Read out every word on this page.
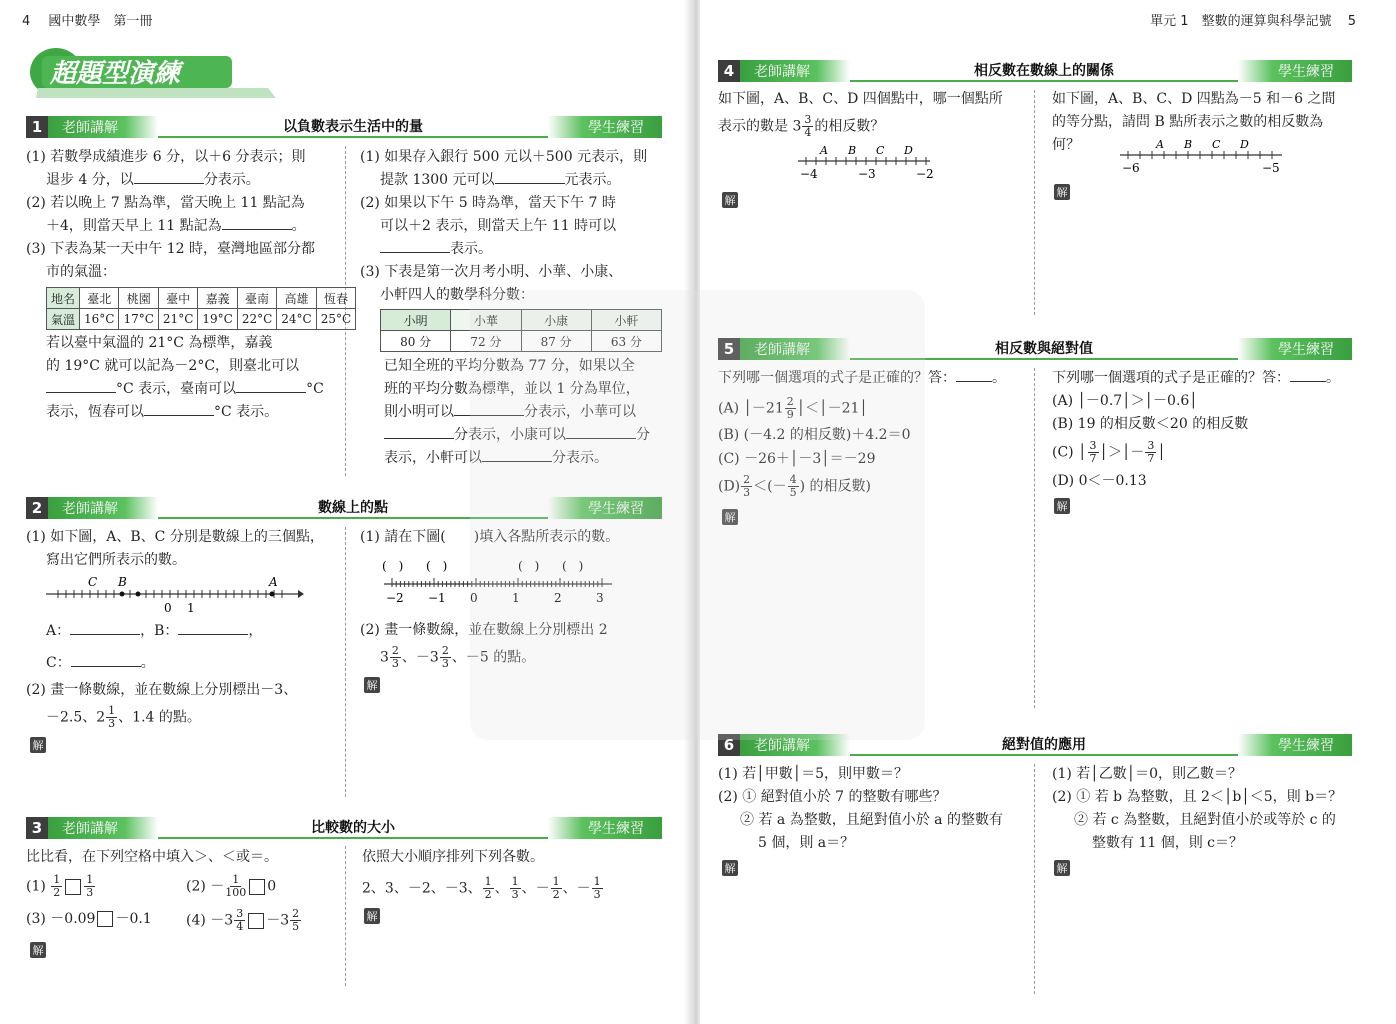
4 國中數學　第一冊
超題型演練
1	老師講解	以負數表示生活中的量	學生練習
(1) 若數學成績進步 6 分，以＋6 分表示；則
退步 4 分，以	分表示。
(2) 若以晚上 7 點為準，當天晚上 11 點記為
＋4，則當天早上 11 點記為	。
(3) 下表為某一天中午 12 時，臺灣地區部分都
市的氣溫：
地名	臺北	桃園	臺中	嘉義	臺南	高雄	恆春
氣溫	16°C	17°C	21°C	19°C	22°C	24°C	25°C
若以臺中氣溫的 21°C 為標準，嘉義
的 19°C 就可以記為－2°C，則臺北可以
°C 表示，臺南可以	°C
表示，恆春可以	°C 表示。
(1) 如果存入銀行 500 元以＋500 元表示，則
提款 1300 元可以	元表示。
(2) 如果以下午 5 時為準，當天下午 7 時
可以＋2 表示，則當天上午 11 時可以
表示。
(3) 下表是第一次月考小明、小華、小康、
小軒四人的數學科分數：
小明	小華	小康	小軒
80 分	72 分	87 分	63 分
已知全班的平均分數為 77 分，如果以全
班的平均分數為標準，並以 1 分為單位，
則小明可以	分表示，小華可以
分表示，小康可以	分
表示，小軒可以	分表示。
2	老師講解	數線上的點	學生練習
(1) 如下圖，A、B、C 分別是數線上的三個點，
寫出它們所表示的數。
C B	A
0 1
A：	，B：	，
C：	。
(2) 畫一條數線，並在數線上分別標出－3、
－2.5、$2 \frac{1}{3}$ 、1.4 的點。
解
(1) 請在下圖(　　)填入各點所表示的數。
(　) (　)	(　) (　)
−2 −1 0	1	2	3
(2) 畫一條數線，並在數線上分別標出 2
$3 \frac{2}{3}$ 、$-3 \frac{2}{3}$ 、－5 的點。
解
3	老師講解	比較數的大小	學生練習
比比看，在下列空格中填入＞、＜或＝。
$(1) \frac{1}{2} \frac{1}{3}$	$(2) - \frac{1}{100} 0$
(3) －0.09 －0.1 $(4) -3 \frac{3}{4} -3 \frac{2}{5}$
解
依照大小順序排列下列各數。
2、3、－2、－3、 $\frac{1}{2}$ 、 $\frac{1}{3}$ 、－ $\frac{1}{2}$ 、－ $\frac{1}{3}$
解
單元 1　整數的運算與科學記號 5
4	老師講解	相反數在數線上的關係	學生練習
如下圖，A、B、C、D 四個點中，哪一個點所
表示的數是 $3 \frac{3}{4}$ 的相反數？
A B C D
−4	−3	−2
解
如下圖，A、B、C、D 四點為－5 和－6 之間
的等分點，請問 B 點所表示之數的相反數為
何？	A B C D
−6	−5
解
5	老師講解	相反數與絕對值	學生練習
下列哪一個選項的式子是正確的？答：	。
(A) │－21 $\frac{2}{9}$ │＜│－21│
(B) (－4.2 的相反數)＋4.2＝0
(C) －26＋│－3│＝－29
$(D) \frac{2}{3}$ ＜(－ $\frac{4}{5}$ ) 的相反數)
解
下列哪一個選項的式子是正確的？答：	。
(A) │－0.7│＞│－0.6│
(B) 19 的相反數＜20 的相反數
(C) │ $\frac{3}{7}$ │＞│－ $\frac{3}{7}$ │
(D) 0＜－0.13
解
6	老師講解	絕對值的應用	學生練習
(1) 若│甲數│＝5，則甲數＝？
(2) ① 絕對值小於 7 的整數有哪些？
② 若 a 為整數，且絕對值小於 a 的整數有
5 個，則 a＝？
解
(1) 若│乙數│＝0，則乙數＝？
(2) ① 若 b 為整數，且 2＜│b│＜5，則 b＝？
② 若 c 為整數，且絕對值小於或等於 c 的
整數有 11 個，則 c＝？
解
